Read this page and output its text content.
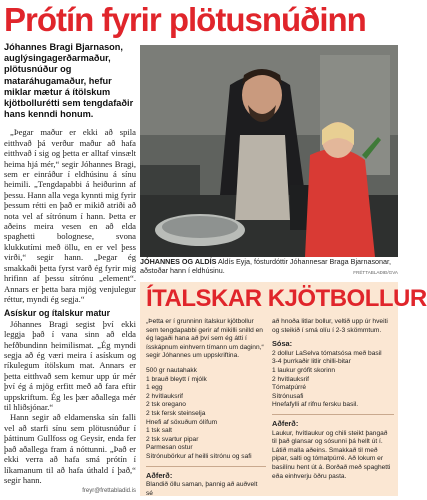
Prótín fyrir plötusnúðinn
Jóhannes Bragi Bjarnason, auglýsingagerðarmaður, plötusnúður og mataráhugamaður, hefur miklar mætur á ítölskum kjötbollurétti sem tengdafaðir hans kenndi honum.

„Þegar maður er ekki að spila eitthvað þá verður maður að hafa eitthvað í sig og þetta er alltaf vinsælt heima hjá mér,“ segir Jóhannes Bragi, sem er einráður í eldhúsinu á sínu heimili. „Tengdapabbi á heiðurinn af þessu. Hann alla vega kynnti mig fyrir þessum rétti en það er mikið atriði að nota vel af sítrónum í hann. Þetta er aðeins meira vesen en að elda spaghetti bolognese, svona klukkutími með öllu, en er vel þess virði,“ segir hann. „Þegar ég smakkaði þetta fyrst varð ég fyrir mig hrifinn af þessu sítrónu „element“. Annars er þetta bara mjög venjulegur réttur, myndi ég segja.“

Asískur og ítalskur matur

Jóhannes Bragi segist því ekki leggja það í vana sinn að elda hefðbundinn heimilismat. „Ég myndi segja að ég væri meira í asískum og ríkulegum ítölskum mat. Annars er þetta eitthvað sem kemur upp úr mér því ég á mjög erfitt með að fara eftir uppskriftum. Ég les þær aðallega mér til hliðsjónar.“

Hann segir að eldamenska sín falli vel að starfi sínu sem plötusnúður í þáttinum Gullfoss og Geysir, enda fer það aðallega fram á nóttunni. „Það er ekki verra að hafa smá prótín í líkamanum til að hafa úthald í það,“ segir hann.

freyr@frettabladid.is
JÓHANNES OG ALDÍS Aldís Eyja, fósturdóttir Jóhannesar Braga Bjarnasonar, aðstoðar hann í eldhúsinu.	FRÉTTABLAÐIÐ/GVA
ÍTALSKAR KJÖTBOLLUR
„Þetta er í grunninn ítalskur kjötbollur sem tengdapabbi gerir af mikilli snilld en ég lagaði hana að því sem ég átti í ísskápnum einhvern tímann um daginn,“ segir Jóhannes um uppskriftina.
500 gr nautahakk
1 brauð bleytt í mjólk
1 egg
2 hvítlauksrif
2 tsk oregano
2 tsk fersk steinselja
Hnefi af söxuðum ólífum
1 tsk salt
2 tsk svartur pipar
Parmesan ostur
Sítrónubörkur af heilli sítrónu og safi
Aðferð:
Blandið öllu saman, þannig að auðvelt sé
að hnoða litlar bollur, veltið upp úr hveiti og steikið í smá olíu í 2-3 skömmtum.
Sósa:
2 dollur LaSelva tómatsósa með basil
3-4 þurrkaðir litlir chilli-bitar
1 laukur grófit skorinn
2 hvítlauksrif
Tómatpúrré
Sítrónusafi
Hnefafylli af rifnu fersku basil.
Aðferð:
Laukur, hvítlaukur og chili steikt þangað til það glansar og sósunni þá hellt út í. Látið malla aðeins. Smakkað til með pipar, salti og tómatpúrré. Að lokum er basilínu hent út á. Borðað með spaghetti eða einhverju öðru pasta.
